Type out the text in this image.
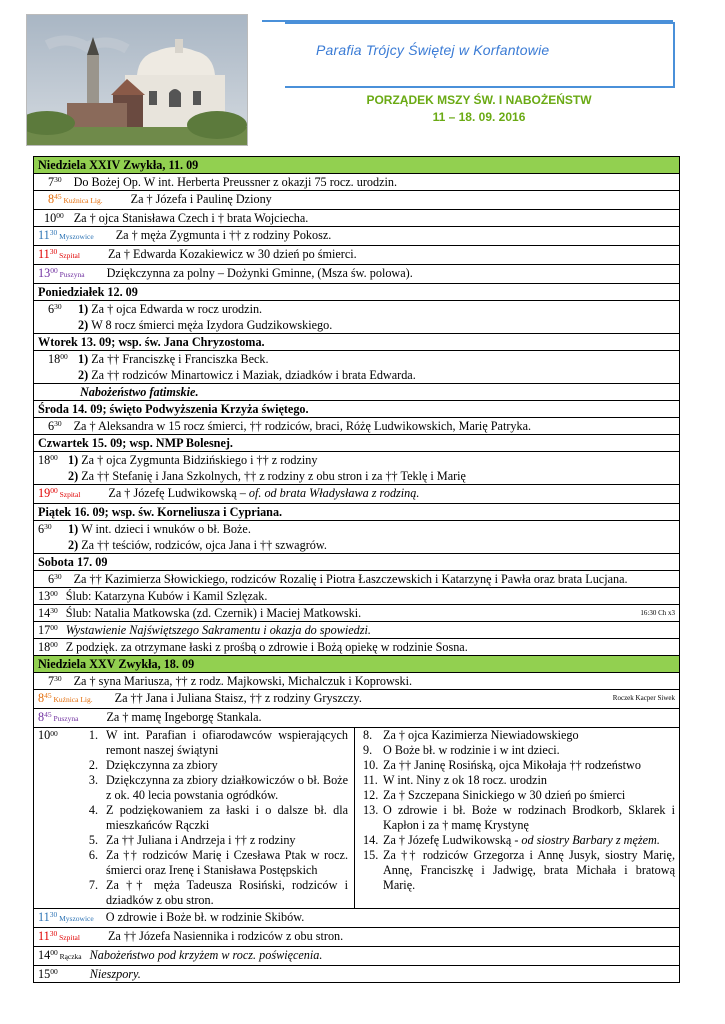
Parafia Trójcy Świętej w Korfantowie
PORZĄDEK MSZY ŚW. I NABOŻEŃSTW
11 – 18. 09. 2016
Niedziela XXIV Zwykła, 11. 09
$7^{30}$ Do Bożej Op. W int. Herberta Preussner z okazji 75 rocz. urodzin.
$8^{45}$ Kuźnica Lig. Za † Józefa i Paulinę Dziony
$10^{00}$ Za † ojca Stanisława Czech i † brata Wojciecha.
$11^{30}$ Myszowice Za † męża Zygmunta i †† z rodziny Pokosz.
$11^{30}$ Szpital Za † Edwarda Kozakiewicz w 30 dzień po śmierci.
$13^{00}$ Puszyna Dziękczynna za polny – Dożynki Gminne, (Msza św. polowa).
Poniedziałek 12. 09

$6^{30}$	1) Za † ojca Edwarda w rocz urodzin.
2) W 8 rocz śmierci męża Izydora Gudzikowskiego.

Wtorek 13. 09; wsp. św. Jana Chryzostoma.

$18^{00}$ 1) Za †† Franciszkę i Franciszka Beck.
2) Za †† rodziców Minartowicz i Maziak, dziadków i brata Edwarda.

Nabożeństwo fatimskie.
Środa 14. 09; święto Podwyższenia Krzyża świętego.
$6^{30}$ Za † Aleksandra w 15 rocz śmierci, †† rodziców, braci, Różę Ludwikowskich, Marię Patryka.
Czwartek 15. 09; wsp. NMP Bolesnej.

$18^{00}$ 1) Za † ojca Zygmunta Bidzińskiego i †† z rodziny
2) Za †† Stefanię i Jana Szkolnych, †† z rodziny z obu stron i za †† Teklę i Marię

$19^{00}$ Szpital Za † Józefę Ludwikowską – of. od brata Władysława z rodziną.
Piątek 16. 09; wsp. św. Korneliusza i Cypriana.

$6^{30}$	1) W int. dzieci i wnuków o bł. Boże.
2) Za †† teściów, rodziców, ojca Jana i †† szwagrów.

Sobota 17. 09
$6^{30}$ Za †† Kazimierza Słowickiego, rodziców Rozalię i Piotra Łaszczewskich i Katarzynę i Pawła oraz brata Lucjana.
$13^{00}$ Ślub: Katarzyna Kubów i Kamil Szlęzak.
$14^{30}$ Ślub: Natalia Matkowska (zd. Czernik) i Maciej Matkowski.	16:30 Ch x3

$17^{00}$ Wystawienie Najświętszego Sakramentu i okazja do spowiedzi.
$18^{00}$ Z podzięk. za otrzymane łaski z prośbą o zdrowie i Bożą opiekę w rodzinie Sosna.
Niedziela XXV Zwykła, 18. 09
$7^{30}$ Za † syna Mariusza, †† z rodz. Majkowski, Michalczuk i Koprowski.
$8^{45}$ Kuźnica Lig. Za †† Jana i Juliana Staisz, †† z rodziny Gryszczy.	Roczek Kacper Siwek

$8^{45}$ Puszyna Za † mamę Ingeborgę Stankala.

$10^{00}$	1. W int. Parafian i ofiarodawców wspierających remont naszej świątyni
2. Dziękczynna za zbiory
3. Dziękczynna za zbiory działkowiczów o bł. Boże z ok. 40 lecia powstania ogródków.
4. Z podziękowaniem za łaski i o dalsze bł. dla mieszkańców Rączki
5. Za †† Juliana i Andrzeja i †† z rodziny
6. Za †† rodziców Marię i Czesława Ptak w rocz. śmierci oraz Irenę i Stanisława Postępskich
7. Za †† męża Tadeusza Rosiński, rodziców i dziadków z obu stron.

8. Za † ojca Kazimierza Niewiadowskiego
9. O Boże bł. w rodzinie i w int dzieci.
10. Za †† Janinę Rosińską, ojca Mikołaja †† rodzeństwo
11. W int. Niny z ok 18 rocz. urodzin
12. Za † Szczepana Sinickiego w 30 dzień po śmierci
13. O zdrowie i bł. Boże w rodzinach Brodkorb, Sklarek i Kapłon i za † mamę Krystynę
14. Za † Józefę Ludwikowską - od siostry Barbary z mężem.
15. Za †† rodziców Grzegorza i Annę Jusyk, siostry Marię, Annę, Franciszkę i Jadwigę, brata Michała i bratową Marię.

$11^{30}$ Myszowice O zdrowie i Boże bł. w rodzinie Skibów.
$11^{30}$ Szpital Za †† Józefa Nasiennika i rodziców z obu stron.
$14^{00}$ Rączka Nabożeństwo pod krzyżem w rocz. poświęcenia.
$15^{00}$	Nieszpory.
